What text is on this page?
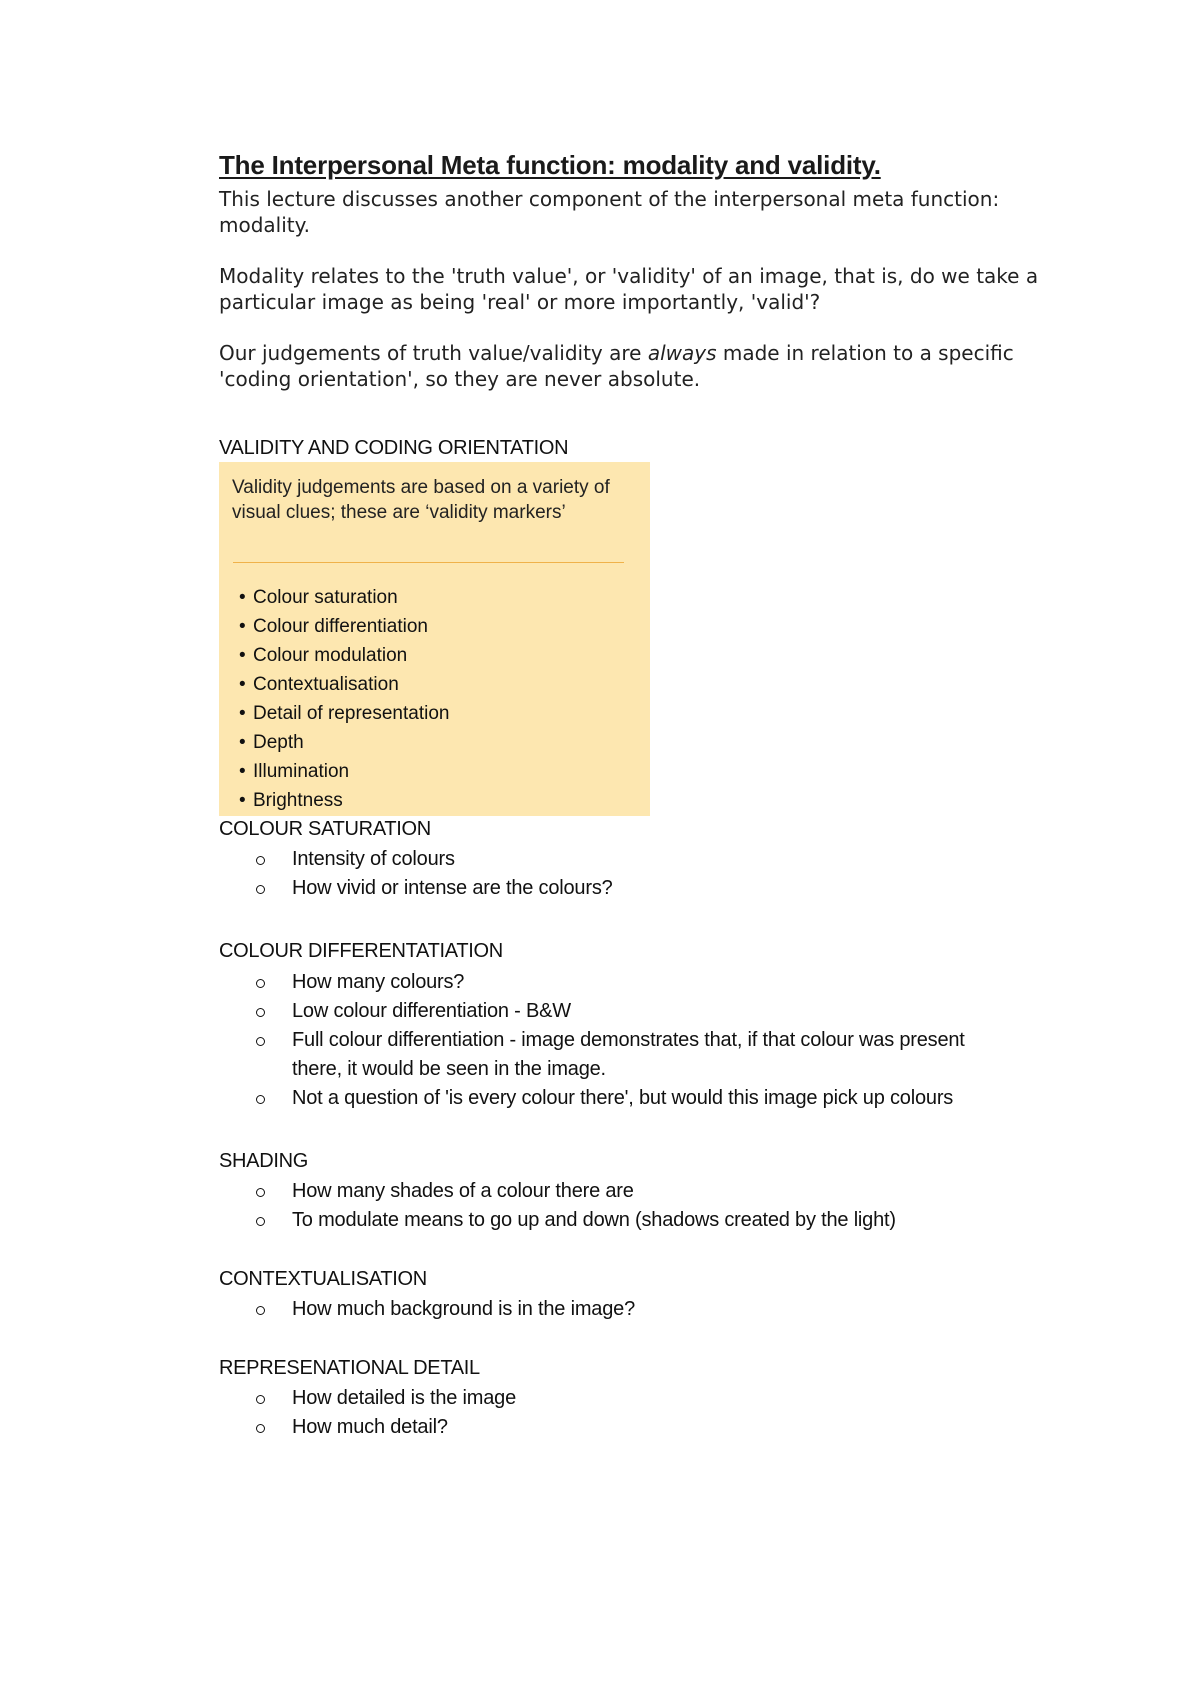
The Interpersonal Meta function: modality and validity.
This lecture discusses another component of the interpersonal meta function: modality.
Modality relates to the 'truth value', or 'validity' of an image, that is, do we take a particular image as being 'real' or more importantly, 'valid'?
Our judgements of truth value/validity are always made in relation to a specific 'coding orientation', so they are never absolute.
VALIDITY AND CODING ORIENTATION
Validity judgements are based on a variety of visual clues; these are ‘validity markers’
• Colour saturation
• Colour differentiation
• Colour modulation
• Contextualisation
• Detail of representation
• Depth
• Illumination
• Brightness
COLOUR SATURATION
Intensity of colours
How vivid or intense are the colours?
COLOUR DIFFERENTATIATION
How many colours?
Low colour differentiation - B&W
Full colour differentiation - image demonstrates that, if that colour was present there, it would be seen in the image.
Not a question of 'is every colour there', but would this image pick up colours
SHADING
How many shades of a colour there are
To modulate means to go up and down (shadows created by the light)
CONTEXTUALISATION
How much background is in the image?
REPRESENATIONAL DETAIL
How detailed is the image
How much detail?
